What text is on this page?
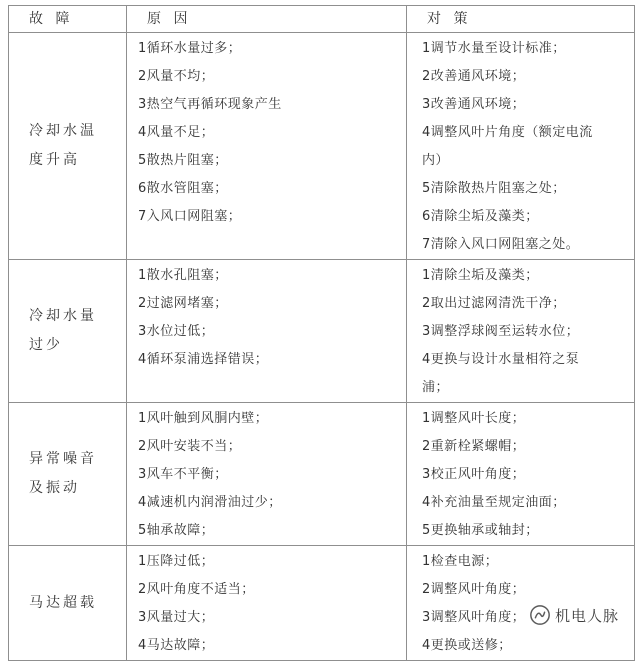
故 障	原 因	对 策
冷却水温度升高
1循环水量过多；
2风量不均；
3热空气再循环现象产生
4风量不足；
5散热片阻塞；
6散水管阻塞；
7入风口网阻塞；
1调节水量至设计标准；
2改善通风环境；
3改善通风环境；
4调整风叶片角度（额定电流
内）
5清除散热片阻塞之处；
6清除尘垢及藻类；
7清除入风口网阻塞之处。
冷却水量过少
1散水孔阻塞；
2过滤网堵塞；
3水位过低；
4循环泵浦选择错误；
1清除尘垢及藻类；
2取出过滤网清洗干净；
3调整浮球阀至运转水位；
4更换与设计水量相符之泵
浦；
异常噪音及振动
1风叶触到风胴内壁；
2风叶安装不当；
3风车不平衡；
4减速机内润滑油过少；
5轴承故障；
1调整风叶长度；
2重新栓紧螺帽；
3校正风叶角度；
4补充油量至规定油面；
5更换轴承或轴封；
马达超载
1压降过低；
2风叶角度不适当；
3风量过大；
4马达故障；
1检查电源；
2调整风叶角度；
3调整风叶角度；
4更换或送修；
机电人脉
